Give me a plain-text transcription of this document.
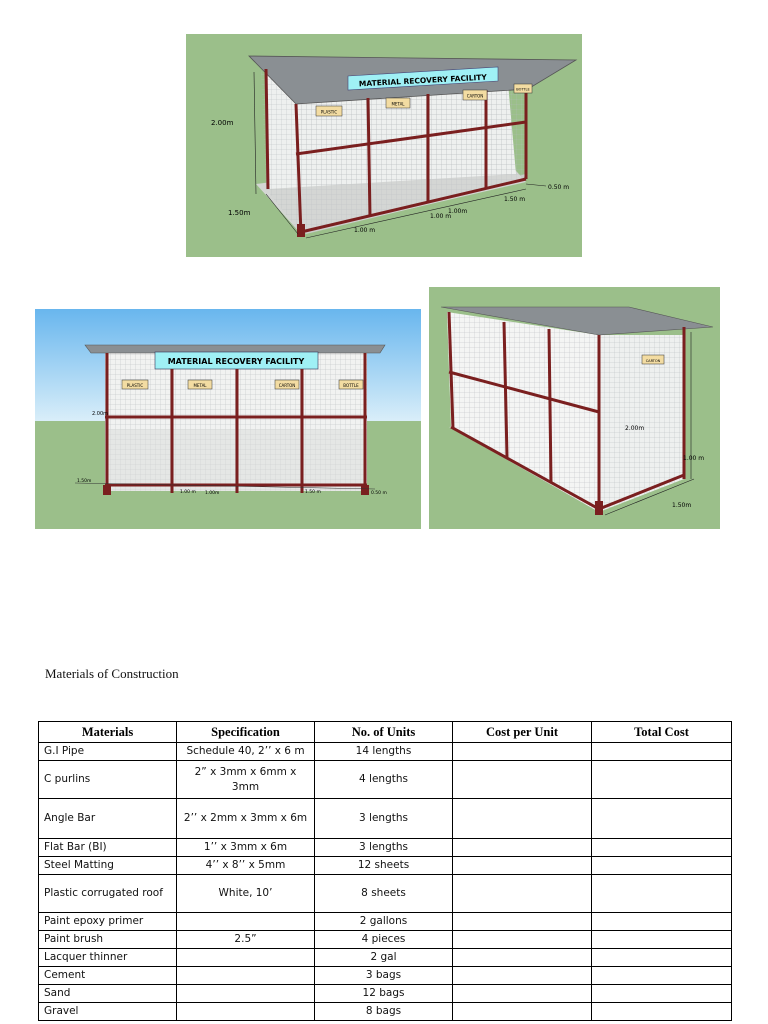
MATERIAL RECOVERY FACILITY
PLASTIC
METAL
CARTON
BOTTLE
2.00m
1.50m
1.00 m
1.00 m
1.00m
1.50 m
0.50 m
MATERIAL RECOVERY FACILITY
PLASTIC	METAL	CARTON	BOTTLE
2.00m
1.50m
1.00 m 1.00m	1.50 m	0.50 m
CARTON
2.00m
1.00 m
1.50m
Materials of Construction
Materials	Specification	No. of Units	Cost per Unit	Total Cost
G.I Pipe	Schedule 40, 2’’ x 6 m	14 lengths		
C purlins	2” x 3mm x 6mm x 3mm	4 lengths		
Angle Bar	2’’ x 2mm x 3mm x 6m	3 lengths		
Flat Bar (BI)	1’’ x 3mm x 6m	3 lengths		
Steel Matting	4’’ x 8’’ x 5mm	12 sheets		
Plastic corrugated roof	White, 10’	8 sheets		
Paint epoxy primer		2 gallons		
Paint brush	2.5”	4 pieces		
Lacquer thinner		2 gal		
Cement		3 bags		
Sand		12 bags		
Gravel		8 bags		
